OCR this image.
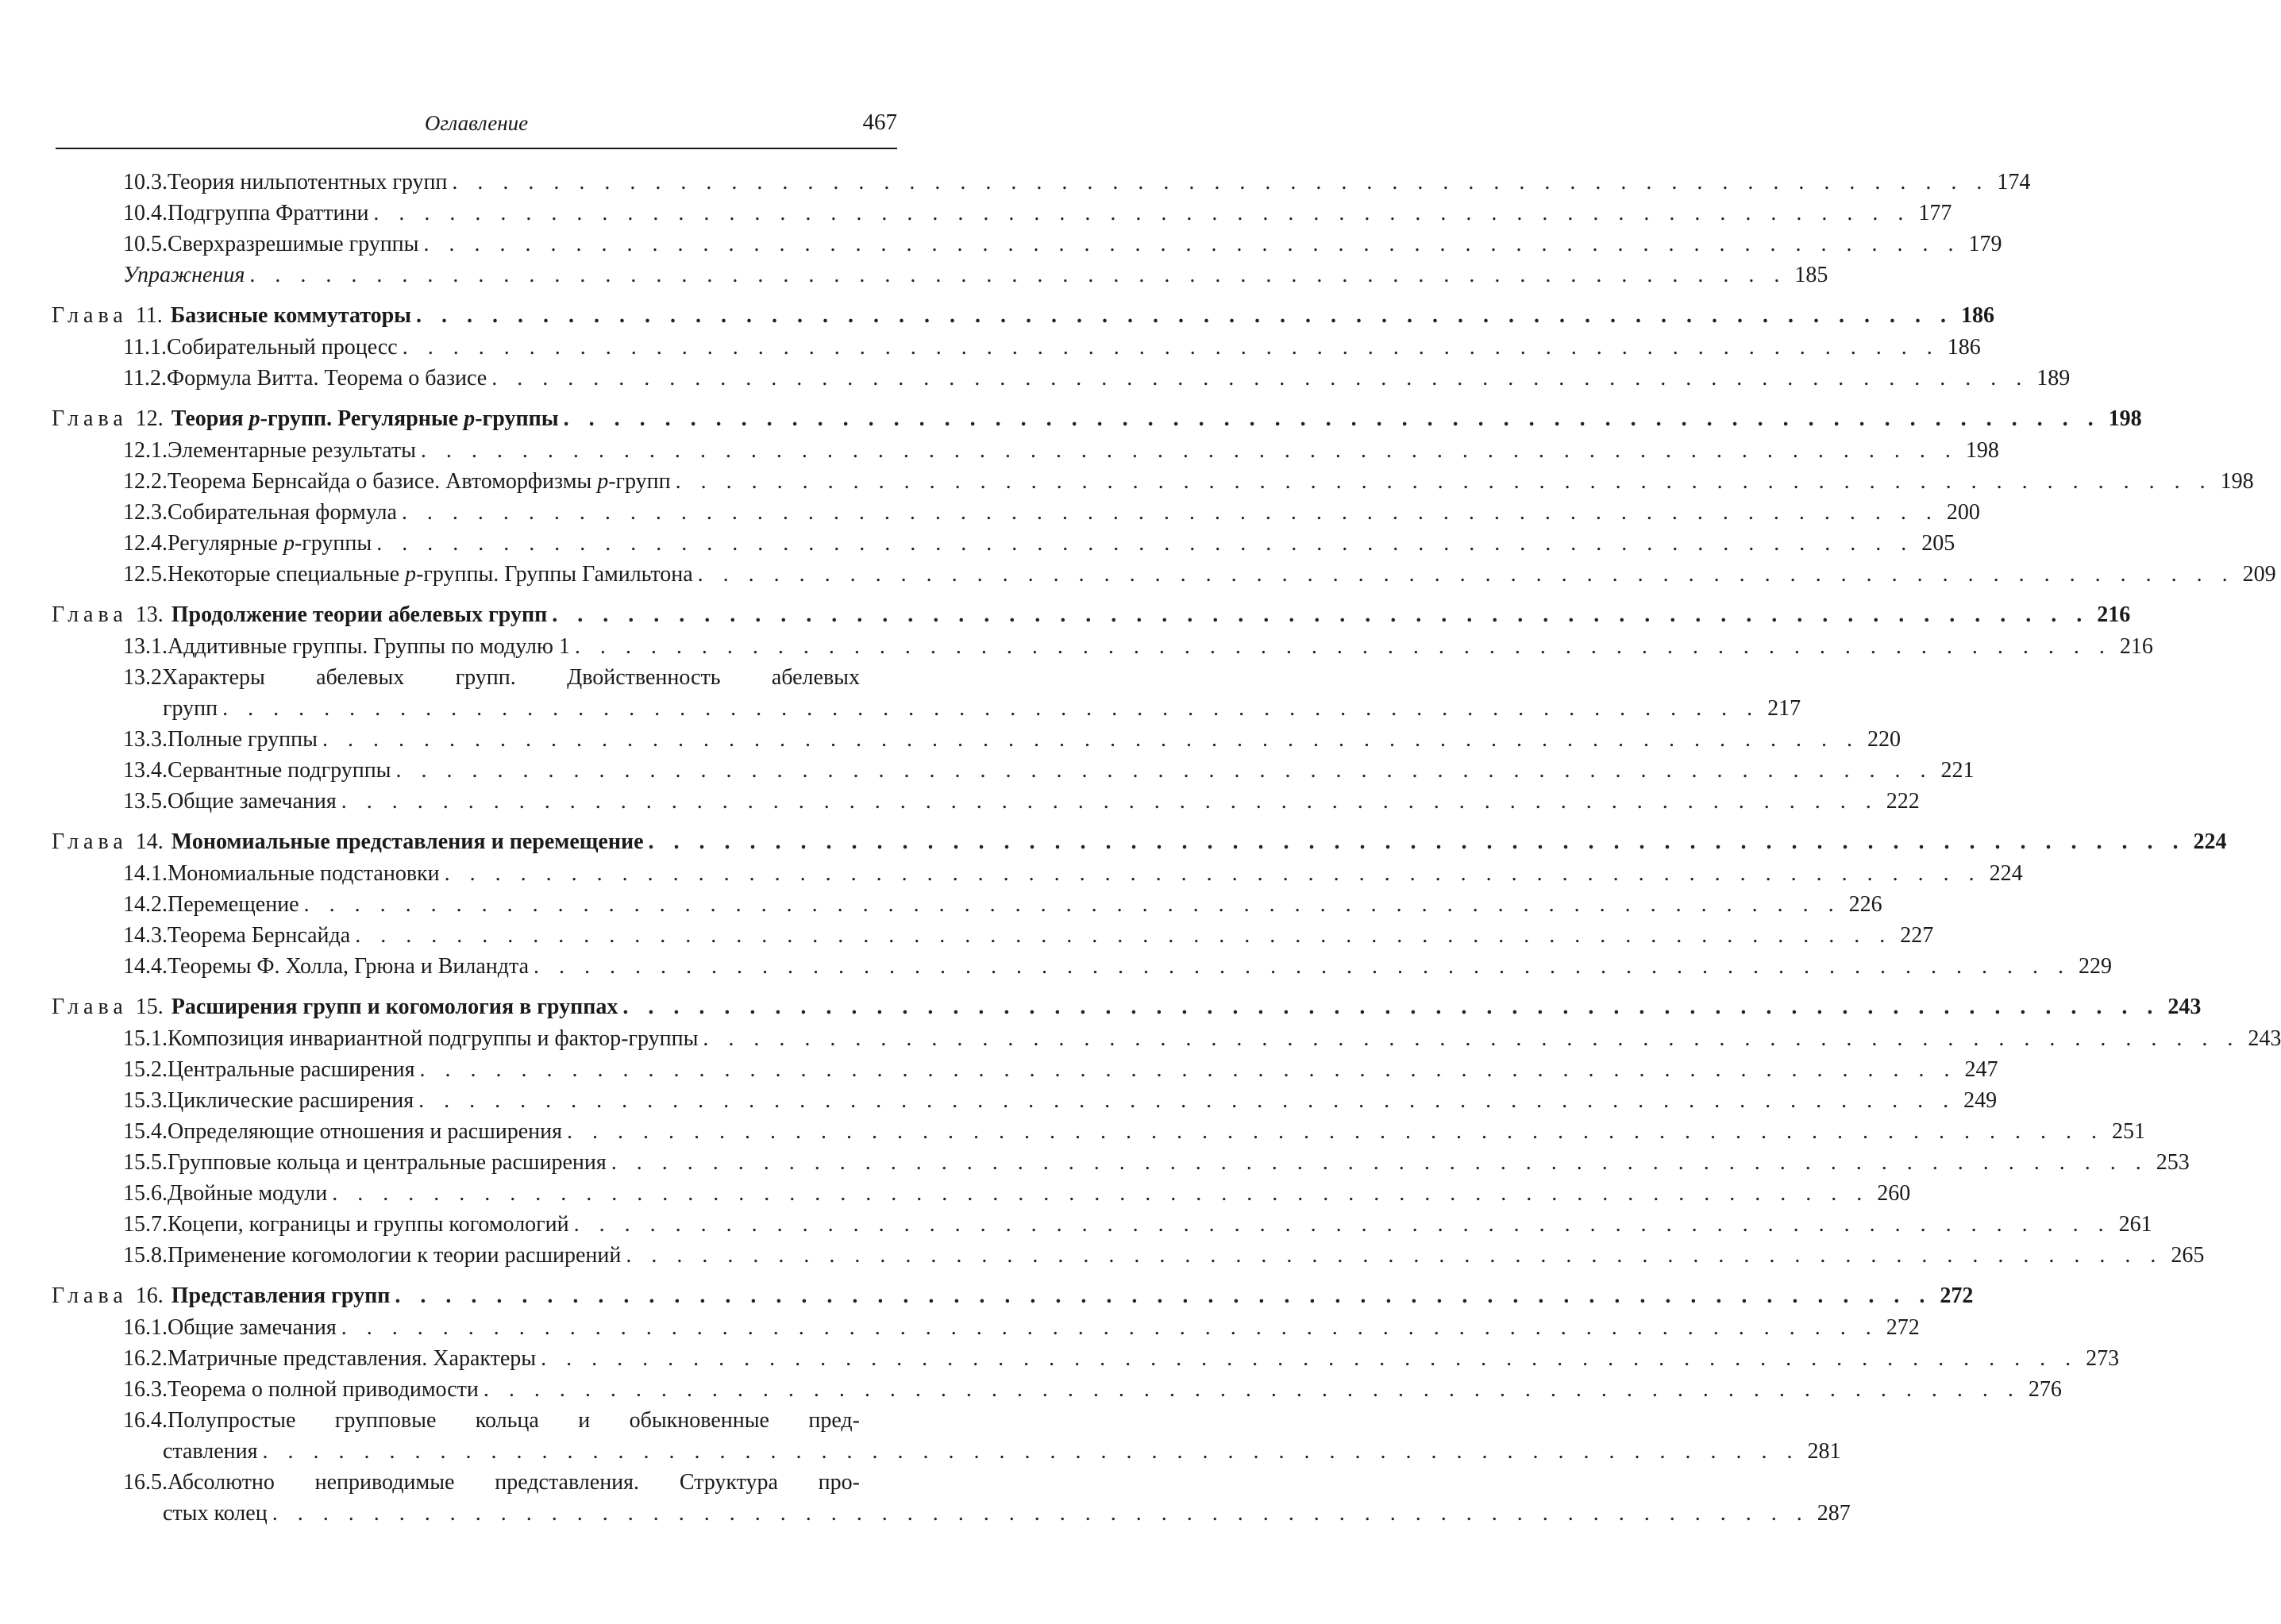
Оглавление	467
10.3. Теория нильпотентных групп . . . . . . . . . . . . . . . . . . . . . . . . . . . . . . . . . . . . . . . . . . . . . . . . . . . . . . . . . . . . . 174
10.4. Подгруппа Фраттини . . . . . . . . . . . . . . . . . . . . . . . . . . . . . . . . . . . . . . . . . . . . . . . . . . . . . . . . . . . . . 177
10.5. Сверхразрешимые группы . . . . . . . . . . . . . . . . . . . . . . . . . . . . . . . . . . . . . . . . . . . . . . . . . . . . . . . . . . . . . 179
Упражнения . . . . . . . . . . . . . . . . . . . . . . . . . . . . . . . . . . . . . . . . . . . . . . . . . . . . . . . . . . . . . 185
Глава 11. Базисные коммутаторы . . . . . . . . . . . . . . . . . . . . . . . . . . . . . . . . . . . . . . . . . . . . . . . . . . . . . . . . . . . . . 186
11.1. Собирательный процесс . . . . . . . . . . . . . . . . . . . . . . . . . . . . . . . . . . . . . . . . . . . . . . . . . . . . . . . . . . . . . 186
11.2. Формула Витта. Теорема о базисе . . . . . . . . . . . . . . . . . . . . . . . . . . . . . . . . . . . . . . . . . . . . . . . . . . . . . . . . . . . . . 189
Глава 12. Теория p-групп. Регулярные p-группы . . . . . . . . . . . . . . . . . . . . . . . . . . . . . . . . . . . . . . . . . . . . . . . . . . . . . . . . . . . . . 198
12.1. Элементарные результаты . . . . . . . . . . . . . . . . . . . . . . . . . . . . . . . . . . . . . . . . . . . . . . . . . . . . . . . . . . . . . 198
12.2. Теорема Бернсайда о базисе. Автоморфизмы p-групп . . . . . . . . . . . . . . . . . . . . . . . . . . . . . . . . . . . . . . . . . . . . . . . . . . . . . . . . . . . . . 198
12.3. Собирательная формула . . . . . . . . . . . . . . . . . . . . . . . . . . . . . . . . . . . . . . . . . . . . . . . . . . . . . . . . . . . . . 200
12.4. Регулярные p-группы . . . . . . . . . . . . . . . . . . . . . . . . . . . . . . . . . . . . . . . . . . . . . . . . . . . . . . . . . . . . . 205
12.5. Некоторые специальные p-группы. Группы Гамильтона . . . . . . . . . . . . . . . . . . . . . . . . . . . . . . . . . . . . . . . . . . . . . . . . . . . . . . . . . . . . . 209
Глава 13. Продолжение теории абелевых групп . . . . . . . . . . . . . . . . . . . . . . . . . . . . . . . . . . . . . . . . . . . . . . . . . . . . . . . . . . . . . 216
13.1. Аддитивные группы. Группы по модулю 1 . . . . . . . . . . . . . . . . . . . . . . . . . . . . . . . . . . . . . . . . . . . . . . . . . . . . . . . . . . . . . 216
13.2 Характеры абелевых групп. Двойственность абелевых
групп . . . . . . . . . . . . . . . . . . . . . . . . . . . . . . . . . . . . . . . . . . . . . . . . . . . . . . . . . . . . . 217
13.3. Полные группы . . . . . . . . . . . . . . . . . . . . . . . . . . . . . . . . . . . . . . . . . . . . . . . . . . . . . . . . . . . . . 220
13.4. Сервантные подгруппы . . . . . . . . . . . . . . . . . . . . . . . . . . . . . . . . . . . . . . . . . . . . . . . . . . . . . . . . . . . . . 221
13.5. Общие замечания . . . . . . . . . . . . . . . . . . . . . . . . . . . . . . . . . . . . . . . . . . . . . . . . . . . . . . . . . . . . . 222
Глава 14. Мономиальные представления и перемещение . . . . . . . . . . . . . . . . . . . . . . . . . . . . . . . . . . . . . . . . . . . . . . . . . . . . . . . . . . . . . 224
14.1. Мономиальные подстановки . . . . . . . . . . . . . . . . . . . . . . . . . . . . . . . . . . . . . . . . . . . . . . . . . . . . . . . . . . . . . 224
14.2. Перемещение . . . . . . . . . . . . . . . . . . . . . . . . . . . . . . . . . . . . . . . . . . . . . . . . . . . . . . . . . . . . . 226
14.3. Теорема Бернсайда . . . . . . . . . . . . . . . . . . . . . . . . . . . . . . . . . . . . . . . . . . . . . . . . . . . . . . . . . . . . . 227
14.4. Теоремы Ф. Холла, Грюна и Виландта . . . . . . . . . . . . . . . . . . . . . . . . . . . . . . . . . . . . . . . . . . . . . . . . . . . . . . . . . . . . . 229
Глава 15. Расширения групп и когомология в группах . . . . . . . . . . . . . . . . . . . . . . . . . . . . . . . . . . . . . . . . . . . . . . . . . . . . . . . . . . . . . 243
15.1. Композиция инвариантной подгруппы и фактор-группы . . . . . . . . . . . . . . . . . . . . . . . . . . . . . . . . . . . . . . . . . . . . . . . . . . . . . . . . . . . . . 243
15.2. Центральные расширения . . . . . . . . . . . . . . . . . . . . . . . . . . . . . . . . . . . . . . . . . . . . . . . . . . . . . . . . . . . . . 247
15.3. Циклические расширения . . . . . . . . . . . . . . . . . . . . . . . . . . . . . . . . . . . . . . . . . . . . . . . . . . . . . . . . . . . . . 249
15.4. Определяющие отношения и расширения . . . . . . . . . . . . . . . . . . . . . . . . . . . . . . . . . . . . . . . . . . . . . . . . . . . . . . . . . . . . . 251
15.5. Групповые кольца и центральные расширения . . . . . . . . . . . . . . . . . . . . . . . . . . . . . . . . . . . . . . . . . . . . . . . . . . . . . . . . . . . . . 253
15.6. Двойные модули . . . . . . . . . . . . . . . . . . . . . . . . . . . . . . . . . . . . . . . . . . . . . . . . . . . . . . . . . . . . . 260
15.7. Коцепи, кограницы и группы когомологий . . . . . . . . . . . . . . . . . . . . . . . . . . . . . . . . . . . . . . . . . . . . . . . . . . . . . . . . . . . . . 261
15.8. Применение когомологии к теории расширений . . . . . . . . . . . . . . . . . . . . . . . . . . . . . . . . . . . . . . . . . . . . . . . . . . . . . . . . . . . . . 265
Глава 16. Представления групп . . . . . . . . . . . . . . . . . . . . . . . . . . . . . . . . . . . . . . . . . . . . . . . . . . . . . . . . . . . . . 272
16.1. Общие замечания . . . . . . . . . . . . . . . . . . . . . . . . . . . . . . . . . . . . . . . . . . . . . . . . . . . . . . . . . . . . . 272
16.2. Матричные представления. Характеры . . . . . . . . . . . . . . . . . . . . . . . . . . . . . . . . . . . . . . . . . . . . . . . . . . . . . . . . . . . . . 273
16.3. Теорема о полной приводимости . . . . . . . . . . . . . . . . . . . . . . . . . . . . . . . . . . . . . . . . . . . . . . . . . . . . . . . . . . . . . 276
16.4. Полупростые групповые кольца и обыкновенные пред-
ставления . . . . . . . . . . . . . . . . . . . . . . . . . . . . . . . . . . . . . . . . . . . . . . . . . . . . . . . . . . . . . 281
16.5. Абсолютно неприводимые представления. Структура про-
стых колец . . . . . . . . . . . . . . . . . . . . . . . . . . . . . . . . . . . . . . . . . . . . . . . . . . . . . . . . . . . . . 287
